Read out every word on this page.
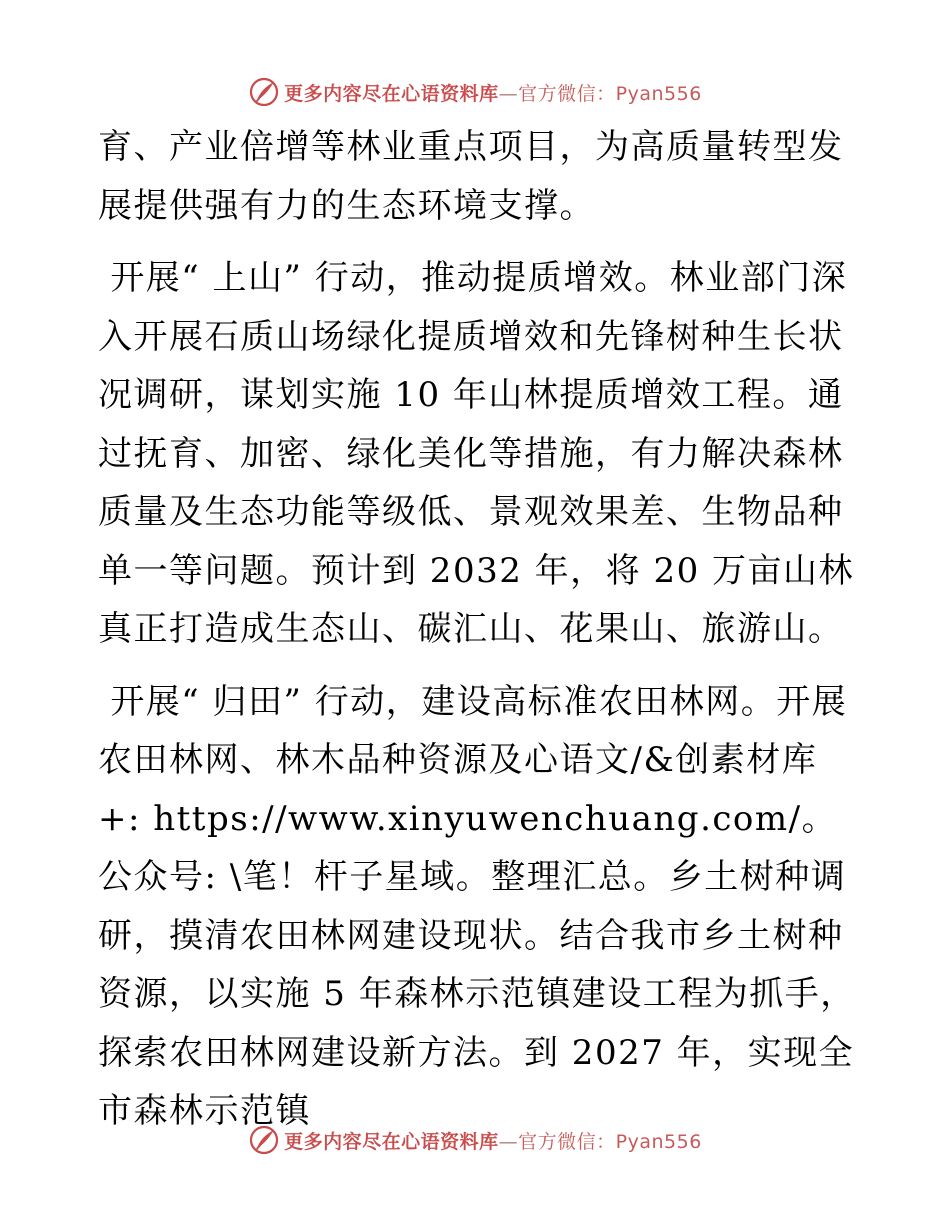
更多内容尽在心语资料库—官方微信：Pyan556

育、产业倍增等林业重点项目，为高质量转型发展提供强有力的生态环境支撑。

开展“ 上山” 行动，推动提质增效。林业部门深入开展石质山场绿化提质增效和先锋树种生长状况调研，谋划实施 10 年山林提质增效工程。通过抚育、加密、绿化美化等措施，有力解决森林质量及生态功能等级低、景观效果差、生物品种单一等问题。预计到 2032 年，将 20 万亩山林真正打造成生态山、碳汇山、花果山、旅游山。

开展“ 归田” 行动，建设高标准农田林网。开展农田林网、林木品种资源及心语文/&创素材库+: https://www.xinyuwenchuang.com/。公众号: \笔！杆子星域。整理汇总。乡土树种调研，摸清农田林网建设现状。结合我市乡土树种资源，以实施 5 年森林示范镇建设工程为抓手，探索农田林网建设新方法。到 2027 年，实现全市森林示范镇

更多内容尽在心语资料库—官方微信：Pyan556
